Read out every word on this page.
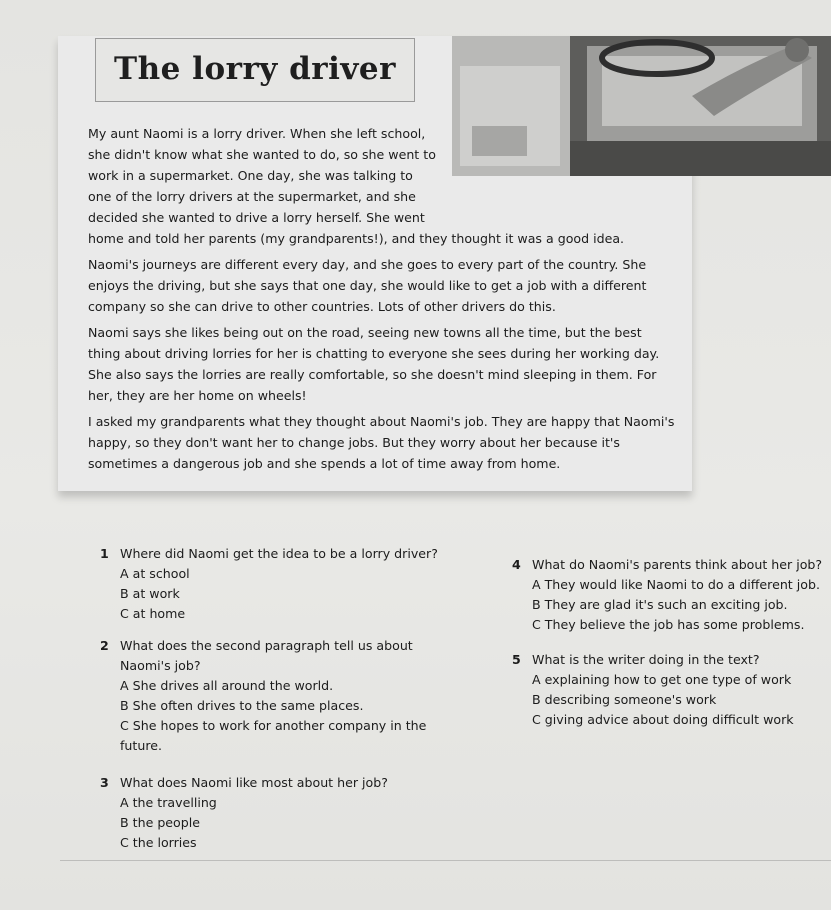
The lorry driver

My aunt Naomi is a lorry driver. When she left school, she didn't know what she wanted to do, so she went to work in a supermarket. One day, she was talking to one of the lorry drivers at the supermarket, and she decided she wanted to drive a lorry herself. She went

home and told her parents (my grandparents!), and they thought it was a good idea.

Naomi's journeys are different every day, and she goes to every part of the country. She enjoys the driving, but she says that one day, she would like to get a job with a different company so she can drive to other countries. Lots of other drivers do this.

Naomi says she likes being out on the road, seeing new towns all the time, but the best thing about driving lorries for her is chatting to everyone she sees during her working day. She also says the lorries are really comfortable, so she doesn't mind sleeping in them. For her, they are her home on wheels!

I asked my grandparents what they thought about Naomi's job. They are happy that Naomi's happy, so they don't want her to change jobs. But they worry about her because it's sometimes a dangerous job and she spends a lot of time away from home.

1 Where did Naomi get the idea to be a lorry driver?
A at school
B at work
C at home
2 What does the second paragraph tell us about Naomi's job?
A She drives all around the world.
B She often drives to the same places.
C She hopes to work for another company in the future.
3 What does Naomi like most about her job?
A the travelling
B the people
C the lorries
4 What do Naomi's parents think about her job?
A They would like Naomi to do a different job.
B They are glad it's such an exciting job.
C They believe the job has some problems.
5 What is the writer doing in the text?
A explaining how to get one type of work
B describing someone's work
C giving advice about doing difficult work
